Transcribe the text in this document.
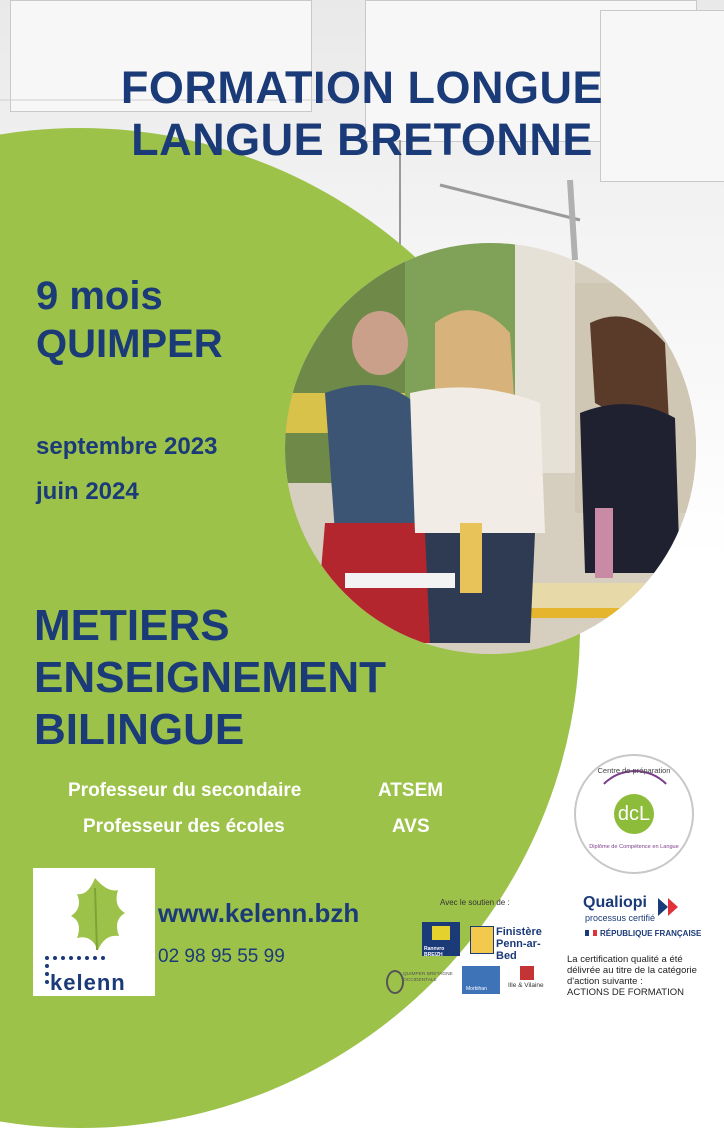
FORMATION LONGUE
LANGUE BRETONNE
9 mois
QUIMPER
septembre 2023
juin 2024
METIERS
ENSEIGNEMENT
BILINGUE
Professeur du secondaire
Professeur des écoles
ATSEM
AVS
dcL
Centre de préparation
Diplôme de Compétence en Langue
kelenn
www.kelenn.bzh
02 98 95 55 99
Avec le soutien de :
Rannvro BREIZH
Finistère Penn-ar-Bed
QUIMPER BRETAGNE OCCIDENTALE
Morbihan	Ille & Vilaine
Qualiopi
processus certifié
RÉPUBLIQUE FRANÇAISE
La certification qualité a été délivrée au titre de la catégorie d'action suivante :
ACTIONS DE FORMATION
